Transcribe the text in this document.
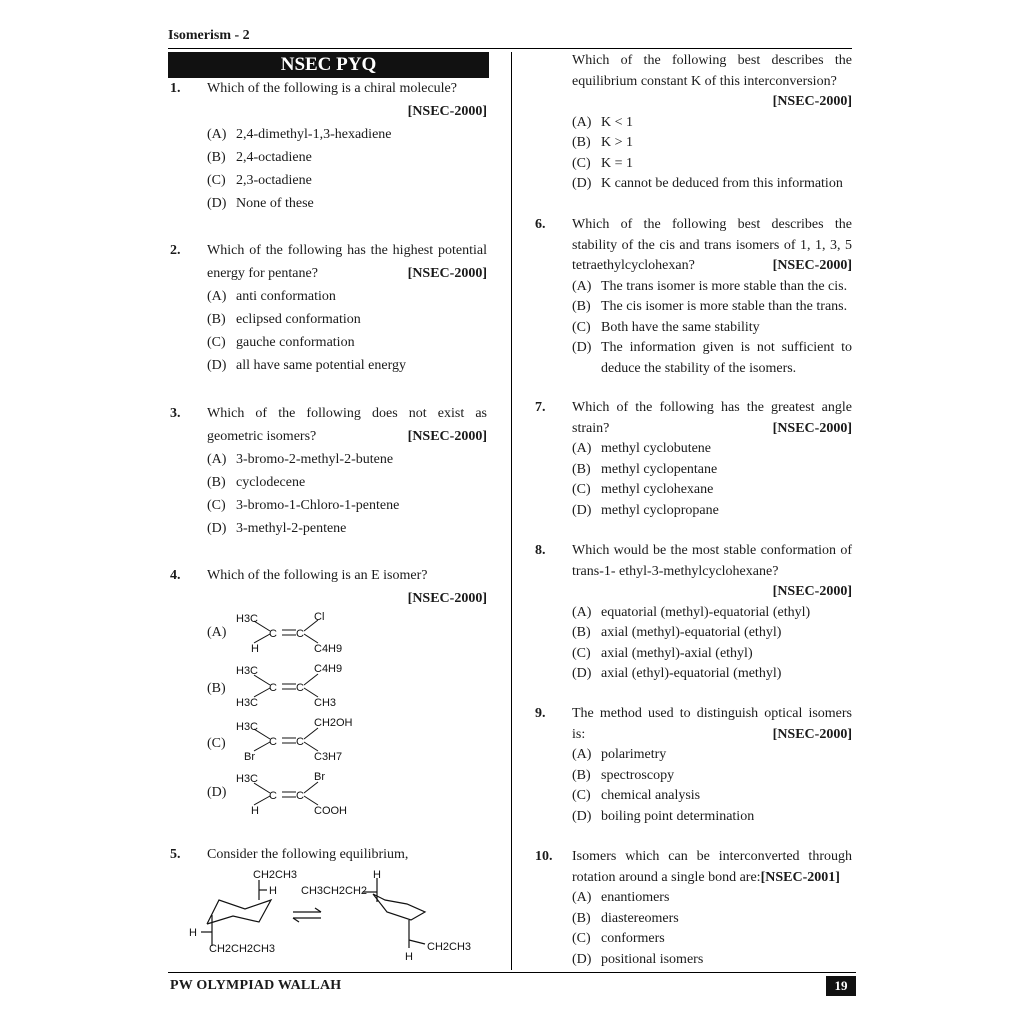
Isomerism - 2
NSEC PYQ
1. Which of the following is a chiral molecule?
[NSEC-2000]
(A) 2,4-dimethyl-1,3-hexadiene
(B) 2,4-octadiene
(C) 2,3-octadiene
(D) None of these
2. Which of the following has the highest potential energy for pentane?	[NSEC-2000]
(A) anti conformation
(B) eclipsed conformation
(C) gauche conformation
(D) all have same potential energy
3. Which of the following does not exist as geometric isomers?	[NSEC-2000]
(A) 3-bromo-2-methyl-2-butene
(B) cyclodecene
(C) 3-bromo-1-Chloro-1-pentene
(D) 3-methyl-2-pentene
4. Which of the following is an E isomer?
[NSEC-2000]
(A)
(B)
(C)
(D)
C C
H3C	Cl
H	C4H9
C C
H3C	C4H9
H3C	CH3
C C
H3C	CH2OH
Br	C3H7
C C
H3C	Br
H	COOH
5. Consider the following equilibrium,
CH2CH3
H
H
CH2CH2CH3
H
CH3CH2CH2
H
CH2CH3
Which of the following best describes the equilibrium constant K of this interconversion?
[NSEC-2000]
(A) K < 1
(B) K > 1
(C) K = 1
(D) K cannot be deduced from this information
6. Which of the following best describes the stability of the cis and trans isomers of 1, 1, 3, 5 tetraethylcyclohexan?	[NSEC-2000]
(A) The trans isomer is more stable than the cis.
(B) The cis isomer is more stable than the trans.
(C) Both have the same stability
(D) The information given is not sufficient to deduce the stability of the isomers.
7. Which of the following has the greatest angle strain?	[NSEC-2000]
(A) methyl cyclobutene
(B) methyl cyclopentane
(C) methyl cyclohexane
(D) methyl cyclopropane
8. Which would be the most stable conformation of trans-1- ethyl-3-methylcyclohexane?
[NSEC-2000]
(A) equatorial (methyl)-equatorial (ethyl)
(B) axial (methyl)-equatorial (ethyl)
(C) axial (methyl)-axial (ethyl)
(D) axial (ethyl)-equatorial (methyl)
9. The method used to distinguish optical isomers is:	[NSEC-2000]
(A) polarimetry
(B) spectroscopy
(C) chemical analysis
(D) boiling point determination
10. Isomers which can be interconverted through rotation around a single bond are:[NSEC-2001]
(A) enantiomers
(B) diastereomers
(C) conformers
(D) positional isomers
PW OLYMPIAD WALLAH	19
